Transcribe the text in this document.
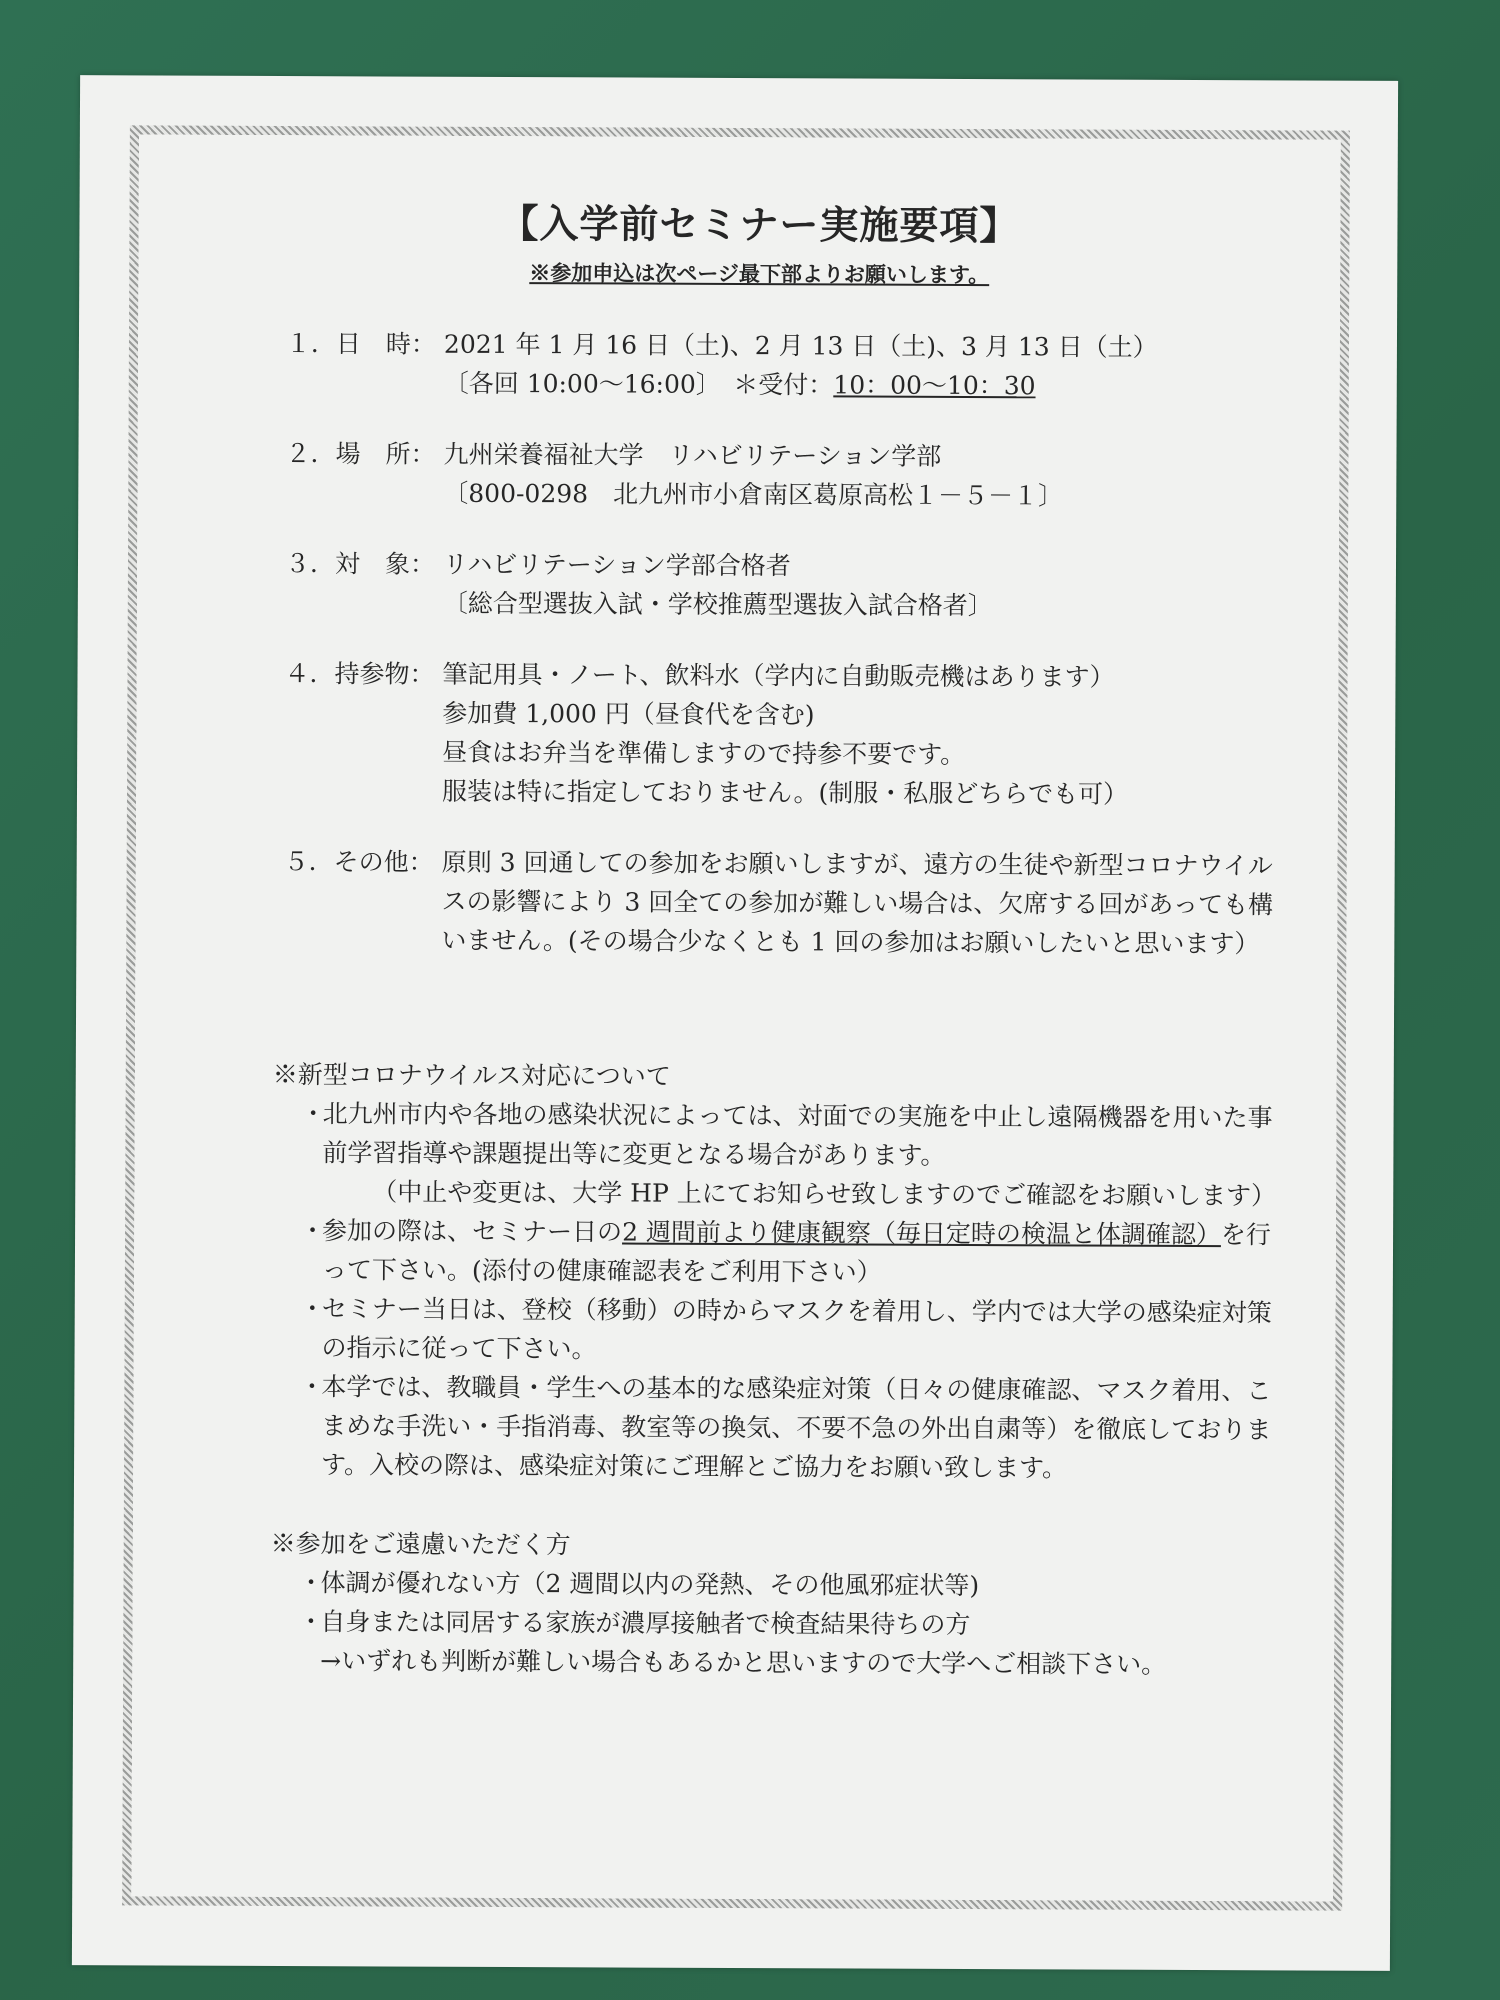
【入学前セミナー実施要項】

※参加申込は次ページ最下部よりお願いします。

１．日　時： 2021 年 1 月 16 日（土)、2 月 13 日（土)、3 月 13 日（土）
〔各回 10:00～16:00〕　＊受付：10：00～10：30
２．場　所： 九州栄養福祉大学　リハビリテーション学部
〔800-0298　北九州市小倉南区葛原高松１－５－１〕
３．対　象： リハビリテーション学部合格者
〔総合型選抜入試・学校推薦型選抜入試合格者〕
４．持参物： 筆記用具・ノート、飲料水（学内に自動販売機はあります）
参加費 1,000 円（昼食代を含む)
昼食はお弁当を準備しますので持参不要です。
服装は特に指定しておりません。(制服・私服どちらでも可）
５．その他： 原則 3 回通しての参加をお願いしますが、遠方の生徒や新型コロナウイルスの影響により 3 回全ての参加が難しい場合は、欠席する回があっても構いません。(その場合少なくとも 1 回の参加はお願いしたいと思います）
※新型コロナウイルス対応について
・
北九州市内や各地の感染状況によっては、対面での実施を中止し遠隔機器を用いた事前学習指導や課題提出等に変更となる場合があります。
（中止や変更は、大学 HP 上にてお知らせ致しますのでご確認をお願いします）
・
参加の際は、セミナー日の2 週間前より健康観察（毎日定時の検温と体調確認）を行って下さい。(添付の健康確認表をご利用下さい）
・
セミナー当日は、登校（移動）の時からマスクを着用し、学内では大学の感染症対策の指示に従って下さい。
・
本学では、教職員・学生への基本的な感染症対策（日々の健康確認、マスク着用、こまめな手洗い・手指消毒、教室等の換気、不要不急の外出自粛等）を徹底しております。入校の際は、感染症対策にご理解とご協力をお願い致します。
※参加をご遠慮いただく方
・
体調が優れない方（2 週間以内の発熱、その他風邪症状等)
・
自身または同居する家族が濃厚接触者で検査結果待ちの方
→いずれも判断が難しい場合もあるかと思いますので大学へご相談下さい。
